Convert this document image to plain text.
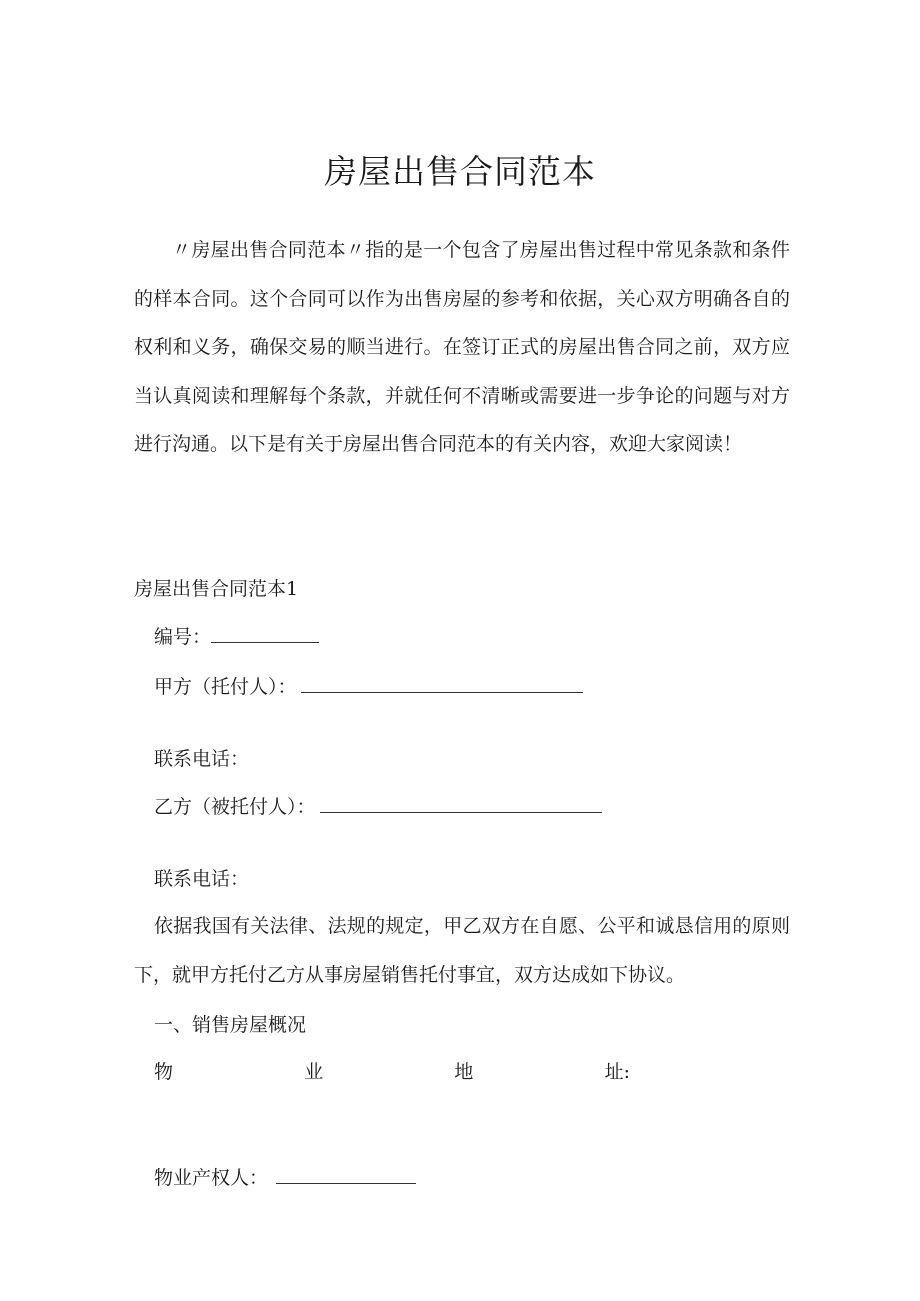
房屋出售合同范本

〃房屋出售合同范本〃指的是一个包含了房屋出售过程中常见条款和条件的样本合同。这个合同可以作为出售房屋的参考和依据，关心双方明确各自的权利和义务，确保交易的顺当进行。在签订正式的房屋出售合同之前，双方应当认真阅读和理解每个条款，并就任何不清晰或需要进一步争论的问题与对方进行沟通。以下是有关于房屋出售合同范本的有关内容，欢迎大家阅读！

房屋出售合同范本1
编号：
甲方（托付人）：
联系电话：
乙方（被托付人）：
联系电话：

依据我国有关法律、法规的规定，甲乙双方在自愿、公平和诚恳信用的原则下，就甲方托付乙方从事房屋销售托付事宜，双方达成如下协议。

一、销售房屋概况
物	业	地	址:
物业产权人：
